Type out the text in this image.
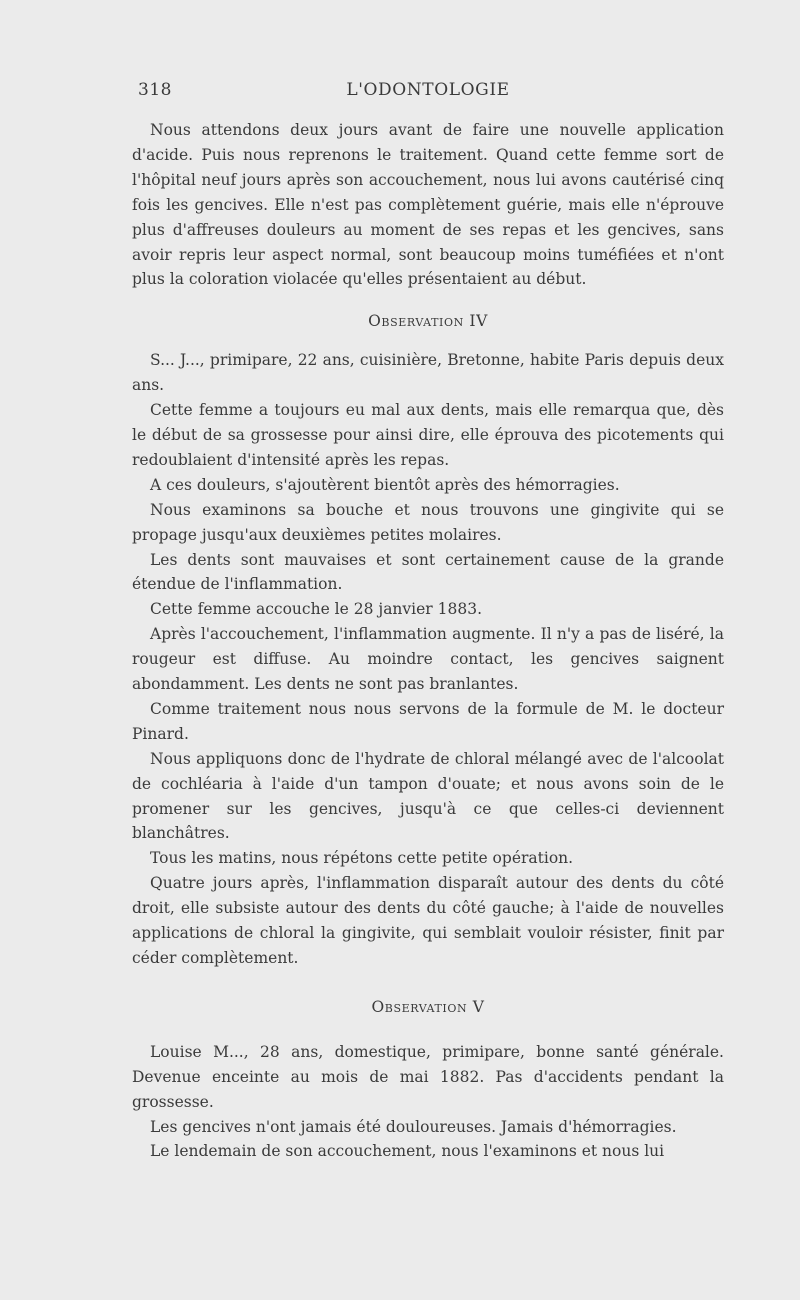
318	L'ODONTOLOGIE

Nous attendons deux jours avant de faire une nouvelle application d'acide. Puis nous reprenons le traitement. Quand cette femme sort de l'hôpital neuf jours après son accouchement, nous lui avons cautérisé cinq fois les gencives. Elle n'est pas complètement guérie, mais elle n'éprouve plus d'affreuses douleurs au moment de ses repas et les gencives, sans avoir repris leur aspect normal, sont beaucoup moins tuméfiées et n'ont plus la coloration violacée qu'elles présentaient au début.

Observation IV

S... J..., primipare, 22 ans, cuisinière, Bretonne, habite Paris depuis deux ans.

Cette femme a toujours eu mal aux dents, mais elle remarqua que, dès le début de sa grossesse pour ainsi dire, elle éprouva des picotements qui redoublaient d'intensité après les repas.

A ces douleurs, s'ajoutèrent bientôt après des hémorragies.

Nous examinons sa bouche et nous trouvons une gingivite qui se propage jusqu'aux deuxièmes petites molaires.

Les dents sont mauvaises et sont certainement cause de la grande étendue de l'inflammation.

Cette femme accouche le 28 janvier 1883.

Après l'accouchement, l'inflammation augmente. Il n'y a pas de liséré, la rougeur est diffuse. Au moindre contact, les gencives saignent abondamment. Les dents ne sont pas branlantes.

Comme traitement nous nous servons de la formule de M. le docteur Pinard.

Nous appliquons donc de l'hydrate de chloral mélangé avec de l'alcoolat de cochléaria à l'aide d'un tampon d'ouate; et nous avons soin de le promener sur les gencives, jusqu'à ce que celles-ci deviennent blanchâtres.

Tous les matins, nous répétons cette petite opération.

Quatre jours après, l'inflammation disparaît autour des dents du côté droit, elle subsiste autour des dents du côté gauche; à l'aide de nouvelles applications de chloral la gingivite, qui semblait vouloir résister, finit par céder complètement.

Observation V

Louise M..., 28 ans, domestique, primipare, bonne santé générale. Devenue enceinte au mois de mai 1882. Pas d'accidents pendant la grossesse.

Les gencives n'ont jamais été douloureuses. Jamais d'hémorragies.

Le lendemain de son accouchement, nous l'examinons et nous lui
